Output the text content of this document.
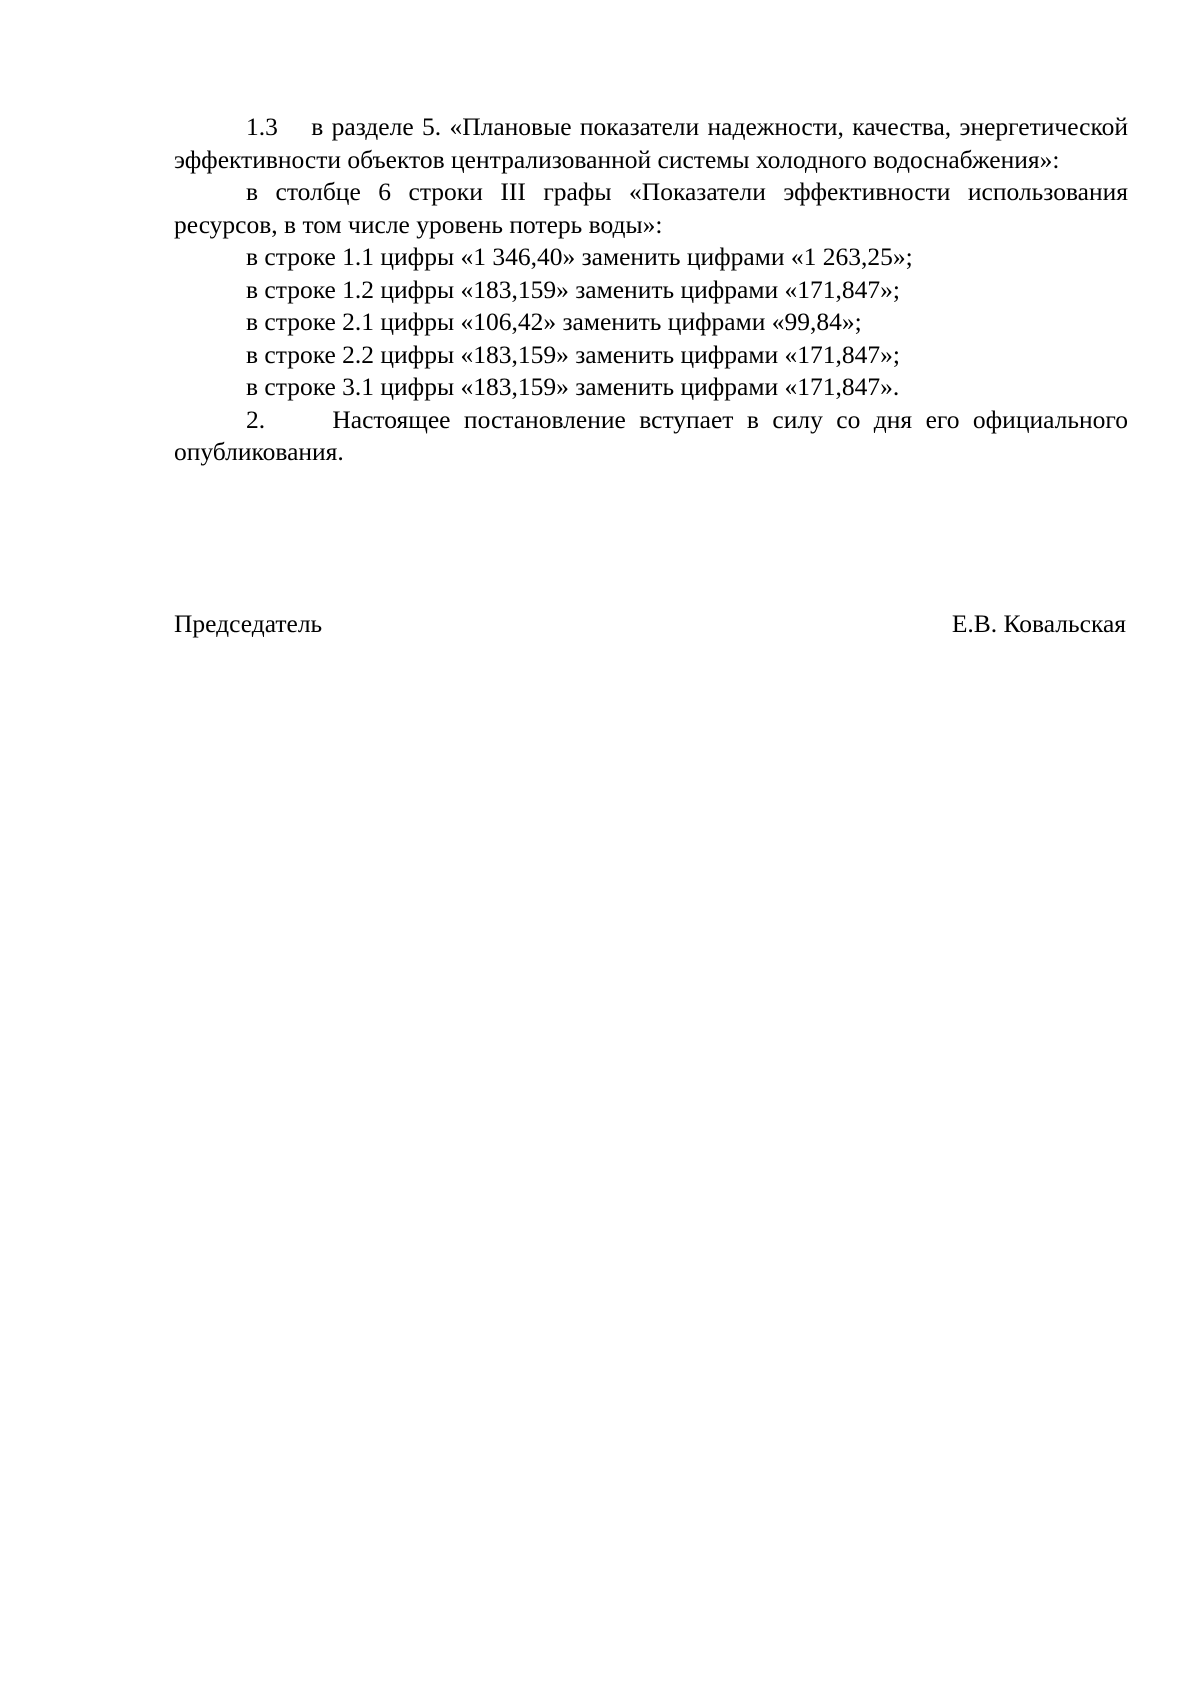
1.3    в разделе 5. «Плановые показатели надежности, качества, энергетической эффективности объектов централизованной системы холодного водоснабжения»:

в столбце 6 строки III графы «Показатели эффективности использования ресурсов, в том числе уровень потерь воды»:

в строке 1.1 цифры «1 346,40» заменить цифрами «1 263,25»;

в строке 1.2 цифры «183,159» заменить цифрами «171,847»;

в строке 2.1 цифры «106,42» заменить цифрами «99,84»;

в строке 2.2 цифры «183,159» заменить цифрами «171,847»;

в строке 3.1 цифры «183,159» заменить цифрами «171,847».

2.     Настоящее постановление вступает в силу со дня его официального опубликования.

Председатель	Е.В. Ковальская
